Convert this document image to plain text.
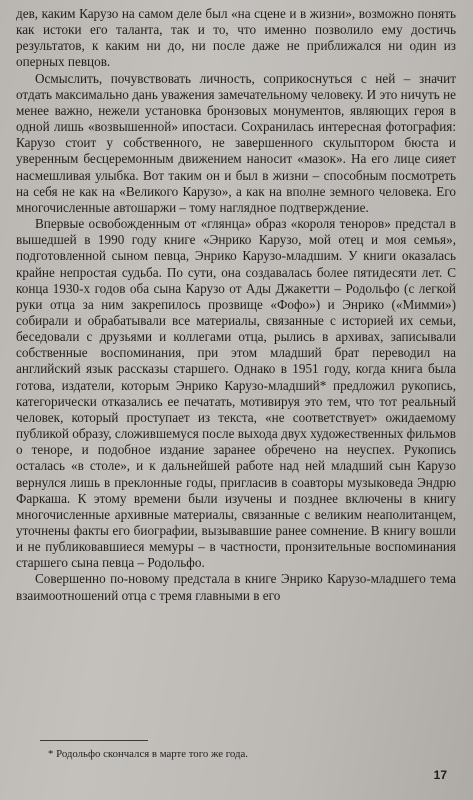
дев, каким Карузо на самом деле был «на сцене и в жизни», возможно понять как истоки его таланта, так и то, что именно позволило ему достичь результатов, к каким ни до, ни после даже не приближался ни один из оперных певцов.

Осмыслить, почувствовать личность, соприкоснуться с ней – значит отдать максимально дань уважения замечательному человеку. И это ничуть не менее важно, нежели установка бронзовых монументов, являющих героя в одной лишь «возвышенной» ипостаси. Сохранилась интересная фотография: Карузо стоит у собственного, не завершенного скульптором бюста и уверенным бесцеремонным движением наносит «мазок». На его лице сияет насмешливая улыбка. Вот таким он и был в жизни – способным посмотреть на себя не как на «Великого Карузо», а как на вполне земного человека. Его многочисленные автошаржи – тому наглядное подтверждение.

Впервые освобожденным от «глянца» образ «короля теноров» предстал в вышедшей в 1990 году книге «Энрико Карузо, мой отец и моя семья», подготовленной сыном певца, Энрико Карузо-младшим. У книги оказалась крайне непростая судьба. По сути, она создавалась более пятидесяти лет. С конца 1930-х годов оба сына Карузо от Ады Джакетти – Родольфо (с легкой руки отца за ним закрепилось прозвище «Фофо») и Энрико («Мимми») собирали и обрабатывали все материалы, связанные с историей их семьи, беседовали с друзьями и коллегами отца, рылись в архивах, записывали собственные воспоминания, при этом младший брат переводил на английский язык рассказы старшего. Однако в 1951 году, когда книга была готова, издатели, которым Энрико Карузо-младший* предложил рукопись, категорически отказались ее печатать, мотивируя это тем, что тот реальный человек, который проступает из текста, «не соответствует» ожидаемому публикой образу, сложившемуся после выхода двух художественных фильмов о теноре, и подобное издание заранее обречено на неуспех. Рукопись осталась «в столе», и к дальнейшей работе над ней младший сын Карузо вернулся лишь в преклонные годы, пригласив в соавторы музыковеда Эндрю Фаркаша. К этому времени были изучены и позднее включены в книгу многочисленные архивные материалы, связанные с великим неаполитанцем, уточнены факты его биографии, вызывавшие ранее сомнение. В книгу вошли и не публиковавшиеся мемуры – в частности, пронзительные воспоминания старшего сына певца – Родольфо.

Совершенно по-новому предстала в книге Энрико Карузо-младшего тема взаимоотношений отца с тремя главными в его

* Родольфо скончался в марте того же года.
17
